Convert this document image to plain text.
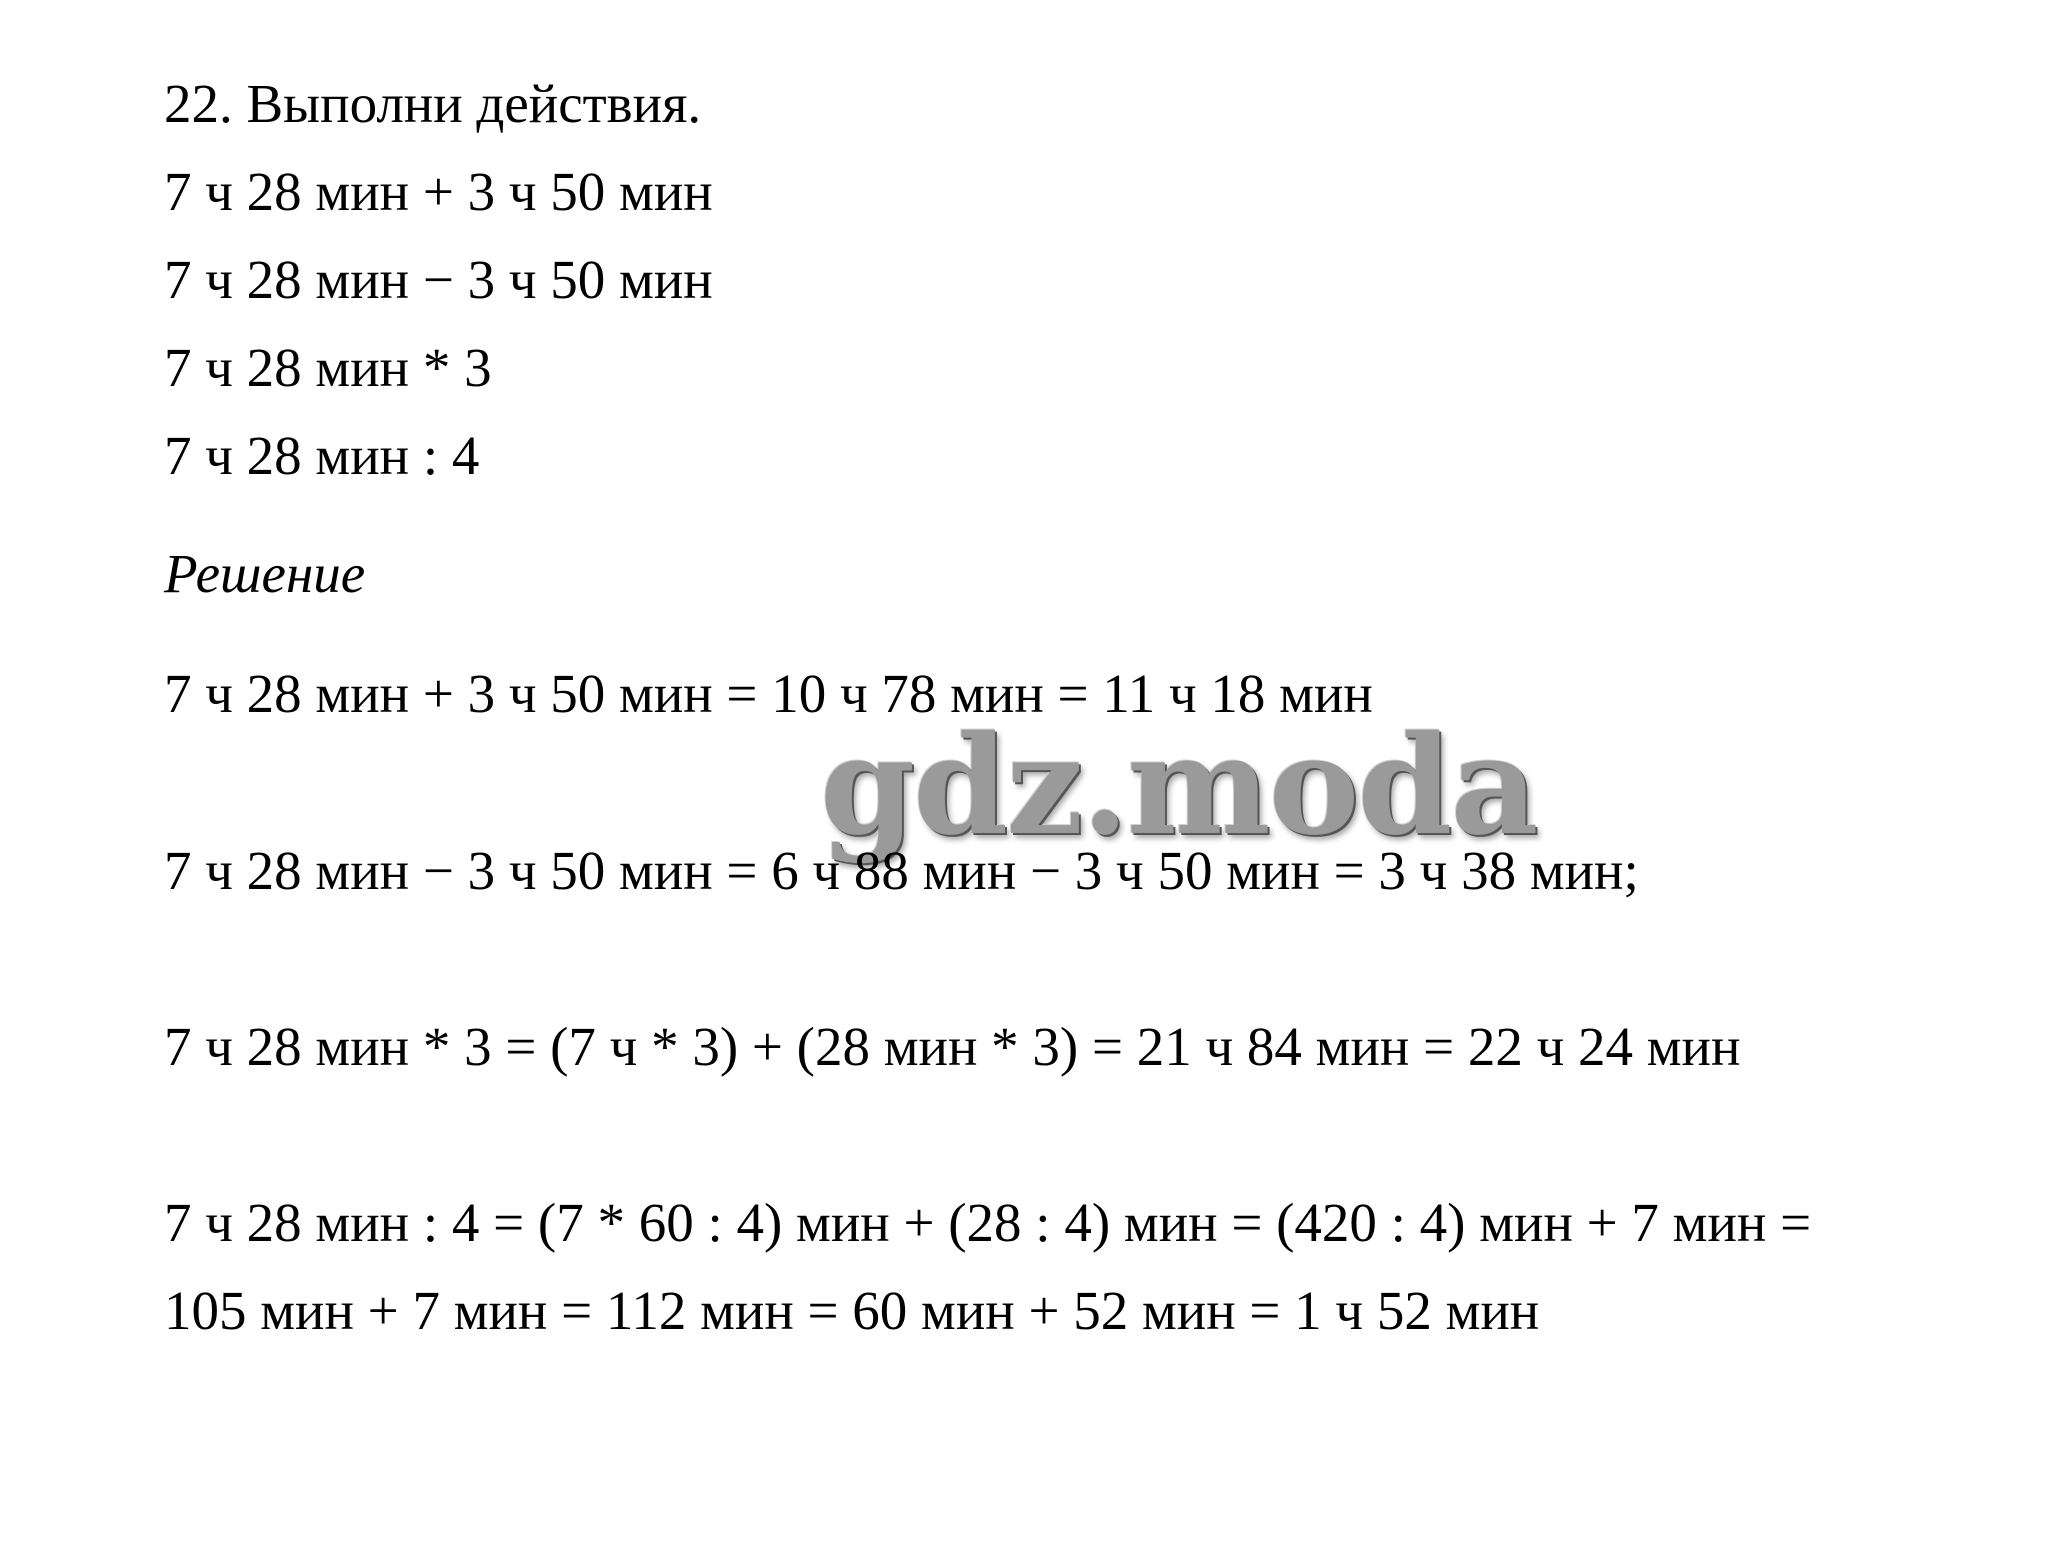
22. Выполни действия.
7 ч 28 мин + 3 ч 50 мин
7 ч 28 мин − 3 ч 50 мин
7 ч 28 мин * 3
7 ч 28 мин : 4
Решение
7 ч 28 мин + 3 ч 50 мин = 10 ч 78 мин = 11 ч 18 мин
gdz.moda
7 ч 28 мин − 3 ч 50 мин = 6 ч 88 мин − 3 ч 50 мин = 3 ч 38 мин;
7 ч 28 мин * 3 = (7 ч * 3) + (28 мин * 3) = 21 ч 84 мин = 22 ч 24 мин
7 ч 28 мин : 4 = (7 * 60 : 4) мин + (28 : 4) мин = (420 : 4) мин + 7 мин =
105 мин + 7 мин = 112 мин = 60 мин + 52 мин = 1 ч 52 мин
